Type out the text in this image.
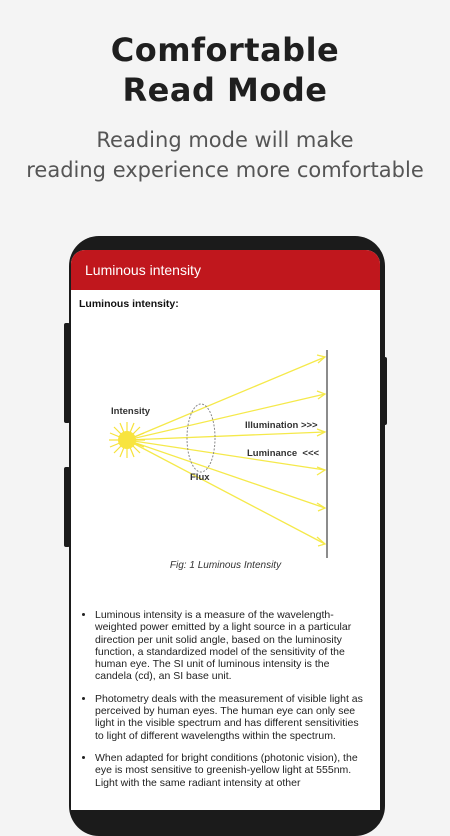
Comfortable
Read Mode
Reading mode will make
reading experience more comfortable
Luminous intensity
Luminous intensity:
Intensity
Flux
Illumination >>>
Luminance  <<<
Fig: 1 Luminous Intensity
• Luminous intensity is a measure of the wavelength-weighted power emitted by a light source in a particular direction per unit solid angle, based on the luminosity function, a standardized model of the sensitivity of the human eye. The SI unit of luminous intensity is the candela (cd), an SI base unit.
• Photometry deals with the measurement of visible light as perceived by human eyes. The human eye can only see light in the visible spectrum and has different sensitivities to light of different wavelengths within the spectrum.
• When adapted for bright conditions (photonic vision), the eye is most sensitive to greenish-yellow light at 555nm. Light with the same radiant intensity at other
